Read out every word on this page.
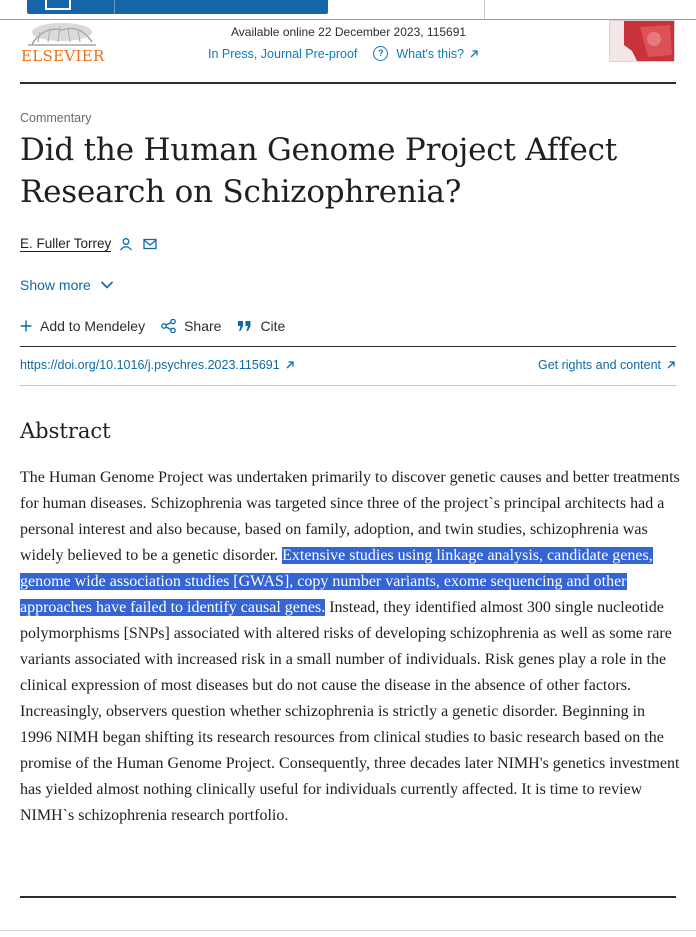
ELSEVIER
Available online 22 December 2023, 115691
In Press, Journal Pre-proof	?	What's this?
Commentary
Did the Human Genome Project Affect Research on Schizophrenia?
E. Fuller Torrey
Show more
Add to Mendeley	Share	Cite
https://doi.org/10.1016/j.psychres.2023.115691	Get rights and content
Abstract

The Human Genome Project was undertaken primarily to discover genetic causes and better treatments for human diseases. Schizophrenia was targeted since three of the project`s principal architects had a personal interest and also because, based on family, adoption, and twin studies, schizophrenia was widely believed to be a genetic disorder. Extensive studies using linkage analysis, candidate genes, genome wide association studies [GWAS], copy number variants, exome sequencing and other approaches have failed to identify causal genes. Instead, they identified almost 300 single nucleotide polymorphisms [SNPs] associated with altered risks of developing schizophrenia as well as some rare variants associated with increased risk in a small number of individuals. Risk genes play a role in the clinical expression of most diseases but do not cause the disease in the absence of other factors. Increasingly, observers question whether schizophrenia is strictly a genetic disorder. Beginning in 1996 NIMH began shifting its research resources from clinical studies to basic research based on the promise of the Human Genome Project. Consequently, three decades later NIMH's genetics investment has yielded almost nothing clinically useful for individuals currently affected. It is time to review NIMH`s schizophrenia research portfolio.
